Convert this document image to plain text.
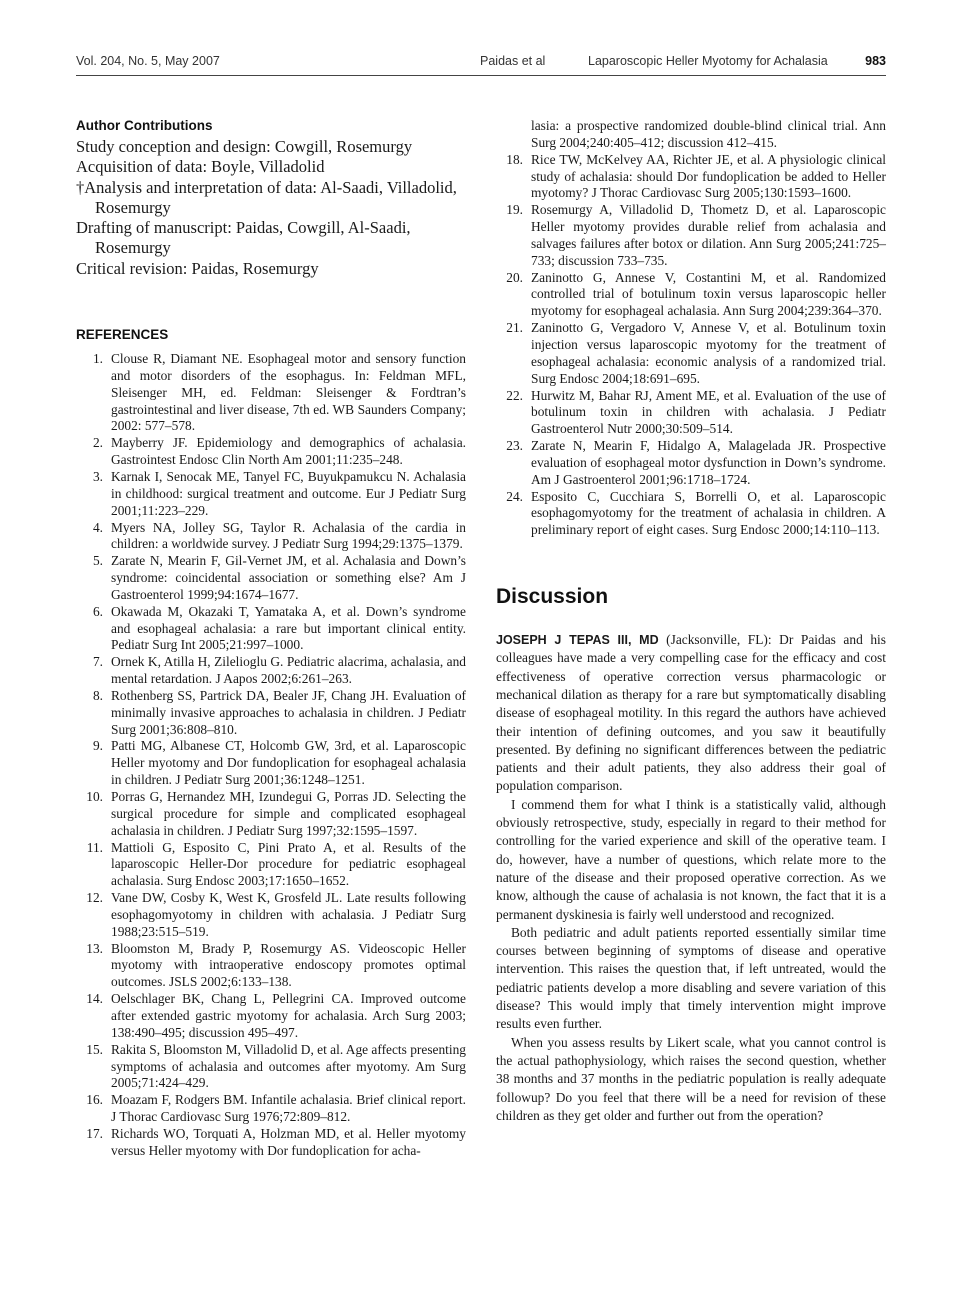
Vol. 204, No. 5, May 2007	Paidas et al	Laparoscopic Heller Myotomy for Achalasia	983
Author Contributions
Study conception and design: Cowgill, Rosemurgy
Acquisition of data: Boyle, Villadolid
†Analysis and interpretation of data: Al-Saadi, Villadolid, Rosemurgy
Drafting of manuscript: Paidas, Cowgill, Al-Saadi, Rosemurgy
Critical revision: Paidas, Rosemurgy
REFERENCES
1. Clouse R, Diamant NE. Esophageal motor and sensory function and motor disorders of the esophagus. In: Feldman MFL, Sleisenger MH, ed. Feldman: Sleisenger & Fordtran’s gastrointestinal and liver disease, 7th ed. WB Saunders Company; 2002: 577–578.
2. Mayberry JF. Epidemiology and demographics of achalasia. Gastrointest Endosc Clin North Am 2001;11:235–248.
3. Karnak I, Senocak ME, Tanyel FC, Buyukpamukcu N. Achalasia in childhood: surgical treatment and outcome. Eur J Pediatr Surg 2001;11:223–229.
4. Myers NA, Jolley SG, Taylor R. Achalasia of the cardia in children: a worldwide survey. J Pediatr Surg 1994;29:1375–1379.
5. Zarate N, Mearin F, Gil-Vernet JM, et al. Achalasia and Down’s syndrome: coincidental association or something else? Am J Gastroenterol 1999;94:1674–1677.
6. Okawada M, Okazaki T, Yamataka A, et al. Down’s syndrome and esophageal achalasia: a rare but important clinical entity. Pediatr Surg Int 2005;21:997–1000.
7. Ornek K, Atilla H, Zilelioglu G. Pediatric alacrima, achalasia, and mental retardation. J Aapos 2002;6:261–263.
8. Rothenberg SS, Partrick DA, Bealer JF, Chang JH. Evaluation of minimally invasive approaches to achalasia in children. J Pediatr Surg 2001;36:808–810.
9. Patti MG, Albanese CT, Holcomb GW, 3rd, et al. Laparoscopic Heller myotomy and Dor fundoplication for esophageal achalasia in children. J Pediatr Surg 2001;36:1248–1251.
10. Porras G, Hernandez MH, Izundegui G, Porras JD. Selecting the surgical procedure for simple and complicated esophageal achalasia in children. J Pediatr Surg 1997;32:1595–1597.
11. Mattioli G, Esposito C, Pini Prato A, et al. Results of the laparoscopic Heller-Dor procedure for pediatric esophageal achalasia. Surg Endosc 2003;17:1650–1652.
12. Vane DW, Cosby K, West K, Grosfeld JL. Late results following esophagomyotomy in children with achalasia. J Pediatr Surg 1988;23:515–519.
13. Bloomston M, Brady P, Rosemurgy AS. Videoscopic Heller myotomy with intraoperative endoscopy promotes optimal outcomes. JSLS 2002;6:133–138.
14. Oelschlager BK, Chang L, Pellegrini CA. Improved outcome after extended gastric myotomy for achalasia. Arch Surg 2003; 138:490–495; discussion 495–497.
15. Rakita S, Bloomston M, Villadolid D, et al. Age affects presenting symptoms of achalasia and outcomes after myotomy. Am Surg 2005;71:424–429.
16. Moazam F, Rodgers BM. Infantile achalasia. Brief clinical report. J Thorac Cardiovasc Surg 1976;72:809–812.
17. Richards WO, Torquati A, Holzman MD, et al. Heller myotomy versus Heller myotomy with Dor fundoplication for acha-
lasia: a prospective randomized double-blind clinical trial. Ann Surg 2004;240:405–412; discussion 412–415.
18. Rice TW, McKelvey AA, Richter JE, et al. A physiologic clinical study of achalasia: should Dor fundoplication be added to Heller myotomy? J Thorac Cardiovasc Surg 2005;130:1593–1600.
19. Rosemurgy A, Villadolid D, Thometz D, et al. Laparoscopic Heller myotomy provides durable relief from achalasia and salvages failures after botox or dilation. Ann Surg 2005;241:725–733; discussion 733–735.
20. Zaninotto G, Annese V, Costantini M, et al. Randomized controlled trial of botulinum toxin versus laparoscopic heller myotomy for esophageal achalasia. Ann Surg 2004;239:364–370.
21. Zaninotto G, Vergadoro V, Annese V, et al. Botulinum toxin injection versus laparoscopic myotomy for the treatment of esophageal achalasia: economic analysis of a randomized trial. Surg Endosc 2004;18:691–695.
22. Hurwitz M, Bahar RJ, Ament ME, et al. Evaluation of the use of botulinum toxin in children with achalasia. J Pediatr Gastroenterol Nutr 2000;30:509–514.
23. Zarate N, Mearin F, Hidalgo A, Malagelada JR. Prospective evaluation of esophageal motor dysfunction in Down’s syndrome. Am J Gastroenterol 2001;96:1718–1724.
24. Esposito C, Cucchiara S, Borrelli O, et al. Laparoscopic esophagomyotomy for the treatment of achalasia in children. A preliminary report of eight cases. Surg Endosc 2000;14:110–113.
Discussion

JOSEPH J TEPAS III, MD (Jacksonville, FL): Dr Paidas and his colleagues have made a very compelling case for the efficacy and cost effectiveness of operative correction versus pharmacologic or mechanical dilation as therapy for a rare but symptomatically disabling disease of esophageal motility. In this regard the authors have achieved their intention of defining outcomes, and you saw it beautifully presented. By defining no significant differences between the pediatric patients and their adult patients, they also address their goal of population comparison.

I commend them for what I think is a statistically valid, although obviously retrospective, study, especially in regard to their method for controlling for the varied experience and skill of the operative team. I do, however, have a number of questions, which relate more to the nature of the disease and their proposed operative correction. As we know, although the cause of achalasia is not known, the fact that it is a permanent dyskinesia is fairly well understood and recognized.

Both pediatric and adult patients reported essentially similar time courses between beginning of symptoms of disease and operative intervention. This raises the question that, if left untreated, would the pediatric patients develop a more disabling and severe variation of this disease? This would imply that timely intervention might improve results even further.

When you assess results by Likert scale, what you cannot control is the actual pathophysiology, which raises the second question, whether 38 months and 37 months in the pediatric population is really adequate followup? Do you feel that there will be a need for revision of these children as they get older and further out from the operation?
